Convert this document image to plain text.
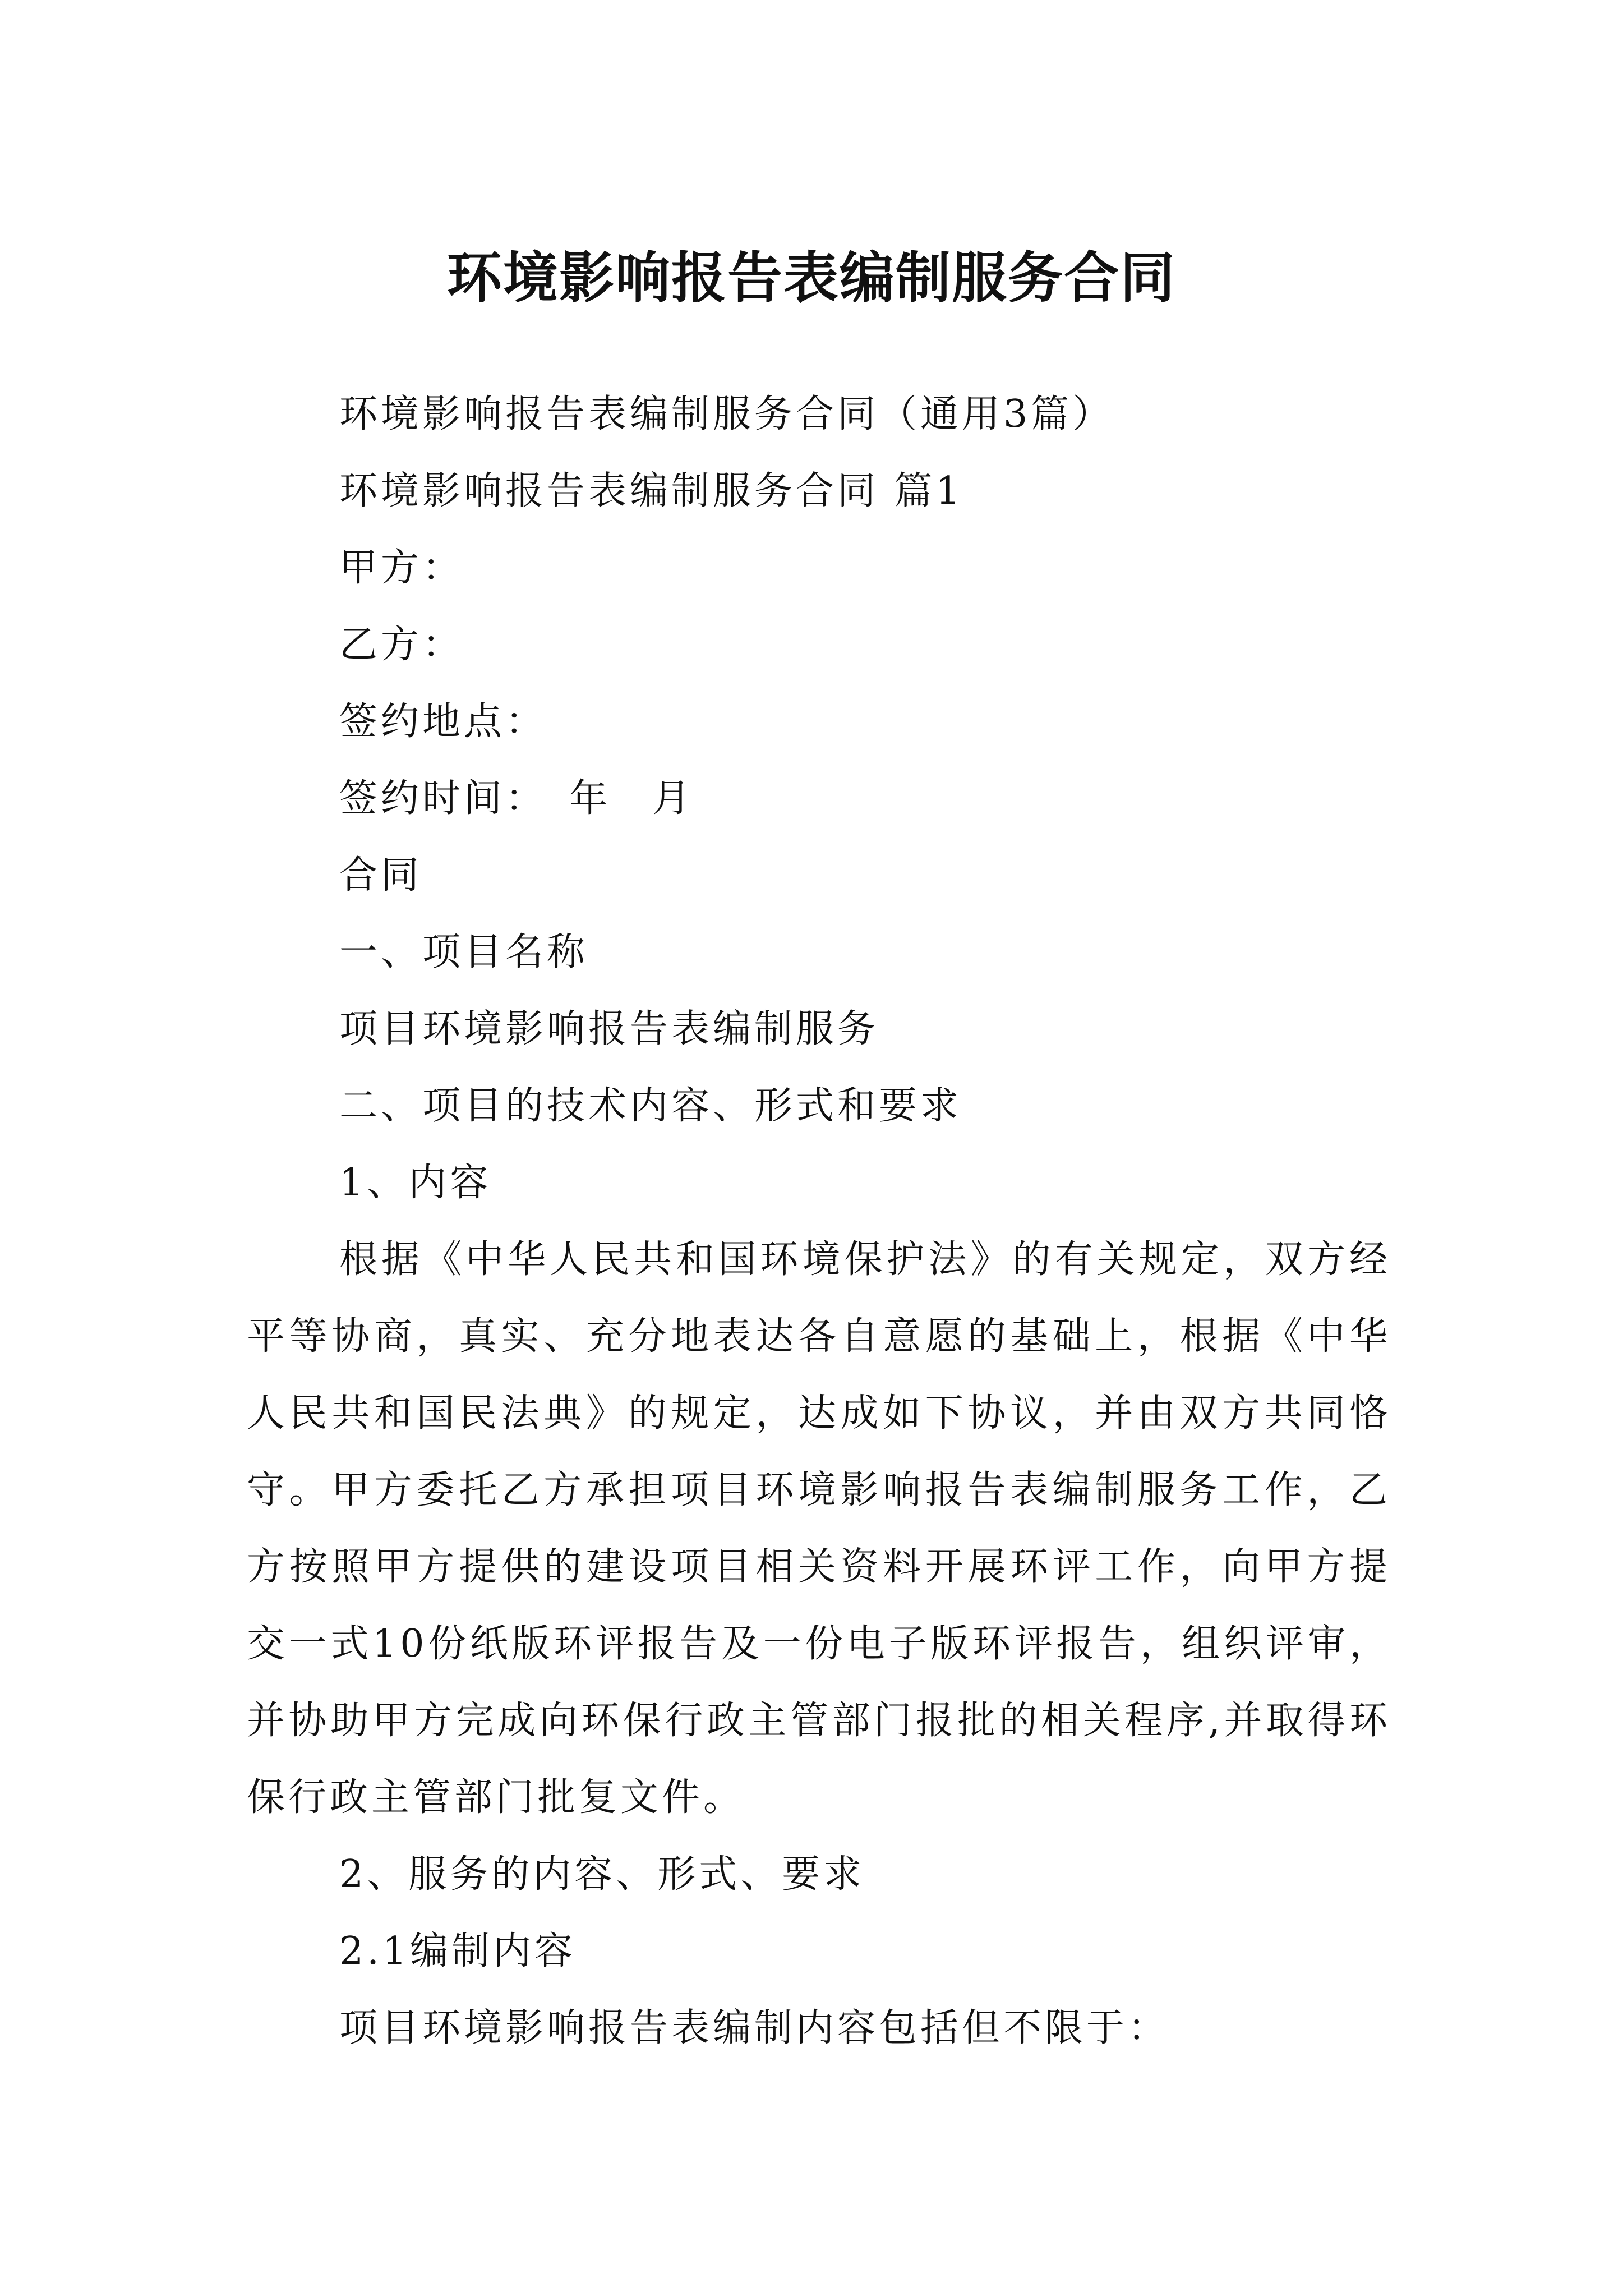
环境影响报告表编制服务合同

环境影响报告表编制服务合同（通用3篇）

环境影响报告表编制服务合同 篇1

甲方：

乙方：

签约地点：

签约时间：　年　月

合同

一、项目名称

项目环境影响报告表编制服务

二、项目的技术内容、形式和要求

1、内容

根据《中华人民共和国环境保护法》的有关规定，双方经平等协商，真实、充分地表达各自意愿的基础上，根据《中华人民共和国民法典》的规定，达成如下协议，并由双方共同恪守。甲方委托乙方承担项目环境影响报告表编制服务工作，乙方按照甲方提供的建设项目相关资料开展环评工作，向甲方提交一式10份纸版环评报告及一份电子版环评报告，组织评审，并协助甲方完成向环保行政主管部门报批的相关程序,并取得环保行政主管部门批复文件。

2、服务的内容、形式、要求

2.1编制内容

项目环境影响报告表编制内容包括但不限于：
